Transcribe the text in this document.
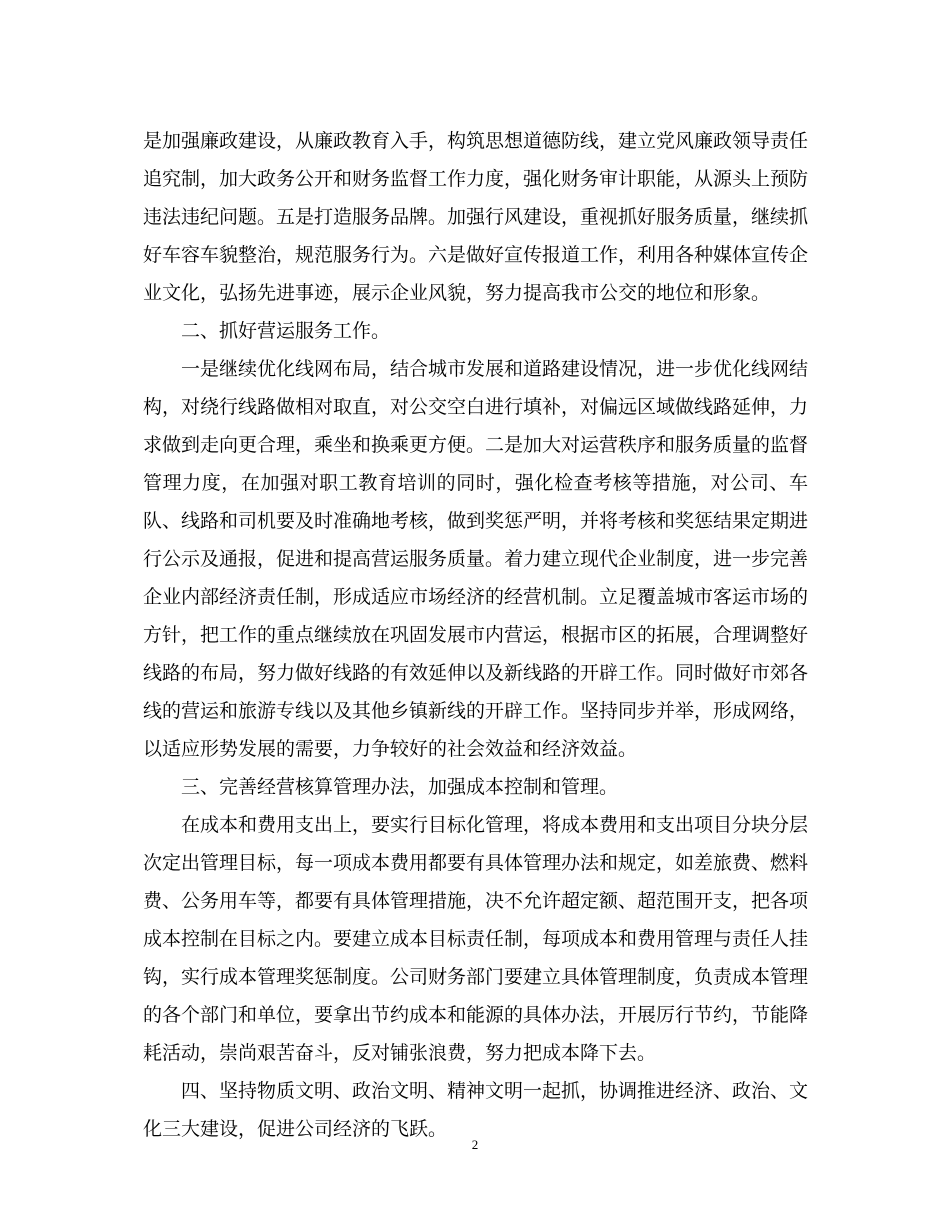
是加强廉政建设，从廉政教育入手，构筑思想道德防线，建立党风廉政领导责任
追究制，加大政务公开和财务监督工作力度，强化财务审计职能，从源头上预防
违法违纪问题。五是打造服务品牌。加强行风建设，重视抓好服务质量，继续抓
好车容车貌整治，规范服务行为。六是做好宣传报道工作，利用各种媒体宣传企
业文化，弘扬先进事迹，展示企业风貌，努力提高我市公交的地位和形象。
二、抓好营运服务工作。
一是继续优化线网布局，结合城市发展和道路建设情况，进一步优化线网结
构，对绕行线路做相对取直，对公交空白进行填补，对偏远区域做线路延伸，力
求做到走向更合理，乘坐和换乘更方便。二是加大对运营秩序和服务质量的监督
管理力度，在加强对职工教育培训的同时，强化检查考核等措施，对公司、车
队、线路和司机要及时准确地考核，做到奖惩严明，并将考核和奖惩结果定期进
行公示及通报，促进和提高营运服务质量。着力建立现代企业制度，进一步完善
企业内部经济责任制，形成适应市场经济的经营机制。立足覆盖城市客运市场的
方针，把工作的重点继续放在巩固发展市内营运，根据市区的拓展，合理调整好
线路的布局，努力做好线路的有效延伸以及新线路的开辟工作。同时做好市郊各
线的营运和旅游专线以及其他乡镇新线的开辟工作。坚持同步并举，形成网络，
以适应形势发展的需要，力争较好的社会效益和经济效益。
三、完善经营核算管理办法，加强成本控制和管理。
在成本和费用支出上，要实行目标化管理，将成本费用和支出项目分块分层
次定出管理目标，每一项成本费用都要有具体管理办法和规定，如差旅费、燃料
费、公务用车等，都要有具体管理措施，决不允许超定额、超范围开支，把各项
成本控制在目标之内。要建立成本目标责任制，每项成本和费用管理与责任人挂
钩，实行成本管理奖惩制度。公司财务部门要建立具体管理制度，负责成本管理
的各个部门和单位，要拿出节约成本和能源的具体办法，开展厉行节约，节能降
耗活动，崇尚艰苦奋斗，反对铺张浪费，努力把成本降下去。
四、坚持物质文明、政治文明、精神文明一起抓，协调推进经济、政治、文
化三大建设，促进公司经济的飞跃。
2
